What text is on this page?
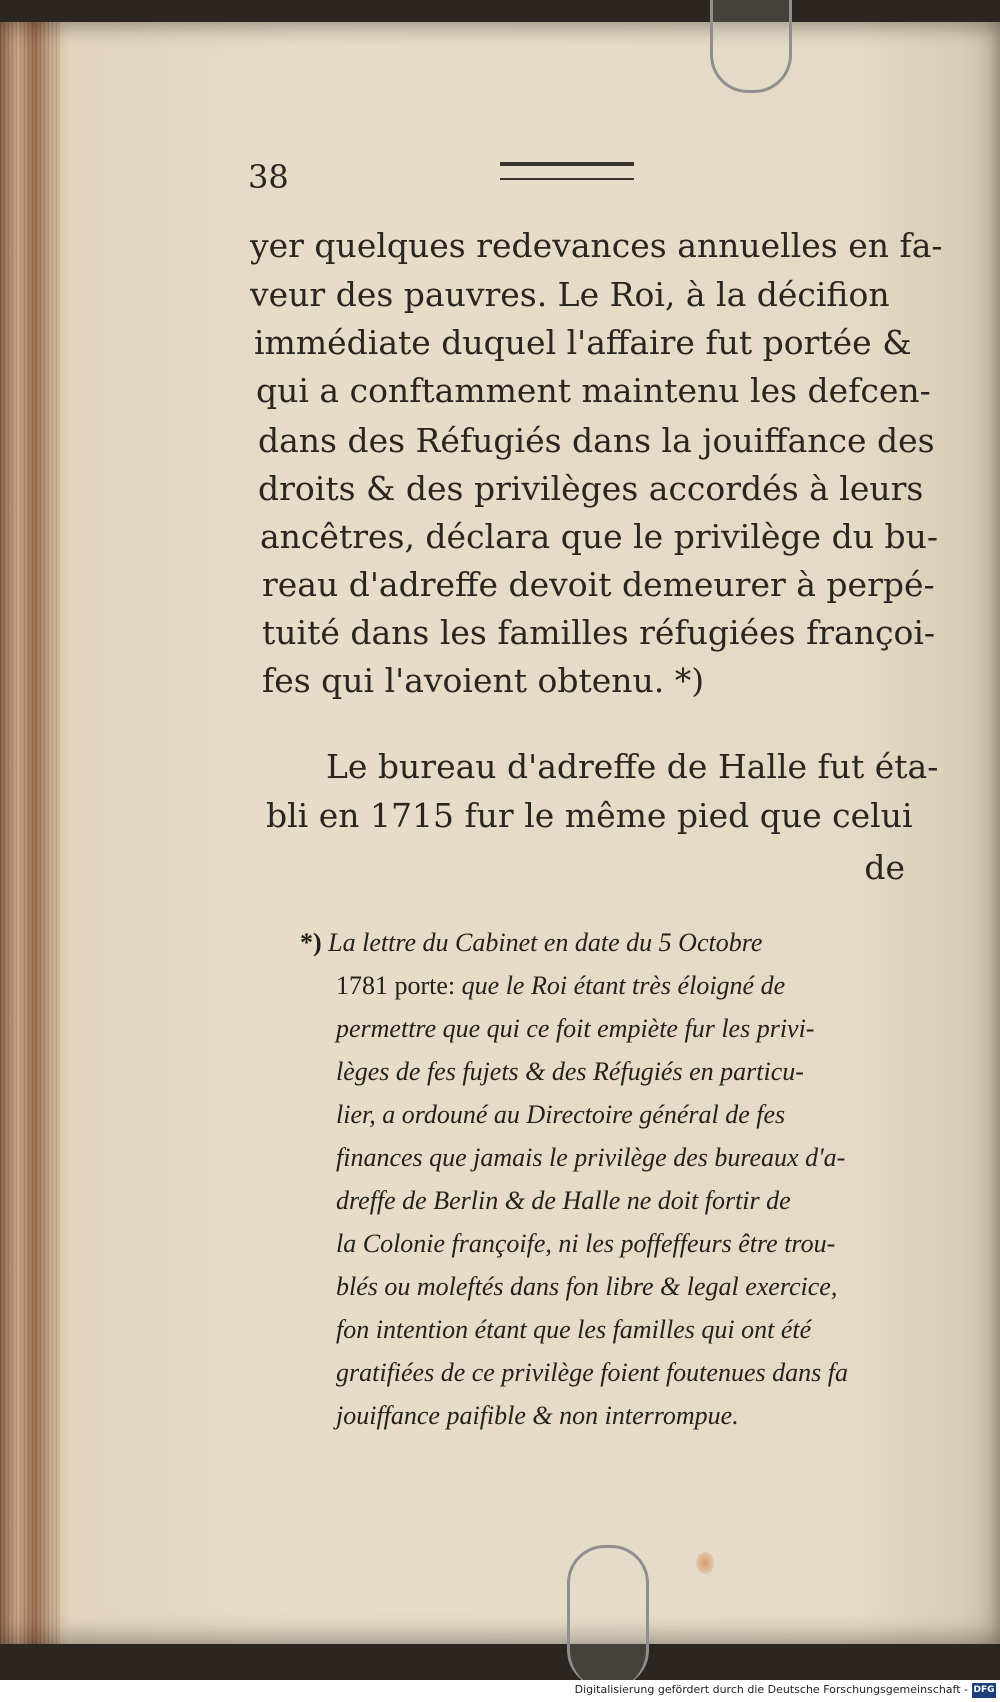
38

yer quelques redevances annuelles en fa-

veur des pauvres. Le Roi, à la décifion

immédiate duquel l'affaire fut portée &

qui a conftamment maintenu les defcen-

dans des Réfugiés dans la jouiffance des

droits & des privilèges accordés à leurs

ancêtres, déclara que le privilège du bu-

reau d'adreffe devoit demeurer à perpé-

tuité dans les familles réfugiées françoi-

fes qui l'avoient obtenu. *)

Le bureau d'adreffe de Halle fut éta-

bli en 1715 fur le même pied que celui

de

*) La lettre du Cabinet en date du 5 Octobre

1781 porte: que le Roi étant très éloigné de

permettre que qui ce foit empiète fur les privi-

lèges de fes fujets & des Réfugiés en particu-

lier, a ordouné au Directoire général de fes

finances que jamais le privilège des bureaux d'a-

dreffe de Berlin & de Halle ne doit fortir de

la Colonie françoife, ni les poffeffeurs être trou-

blés ou moleftés dans fon libre & legal exercice,

fon intention étant que les familles qui ont été

gratifiées de ce privilège foient foutenues dans fa

jouiffance paifible & non interrompue.

Digitalisierung gefördert durch die Deutsche Forschungsgemeinschaft - DFG
